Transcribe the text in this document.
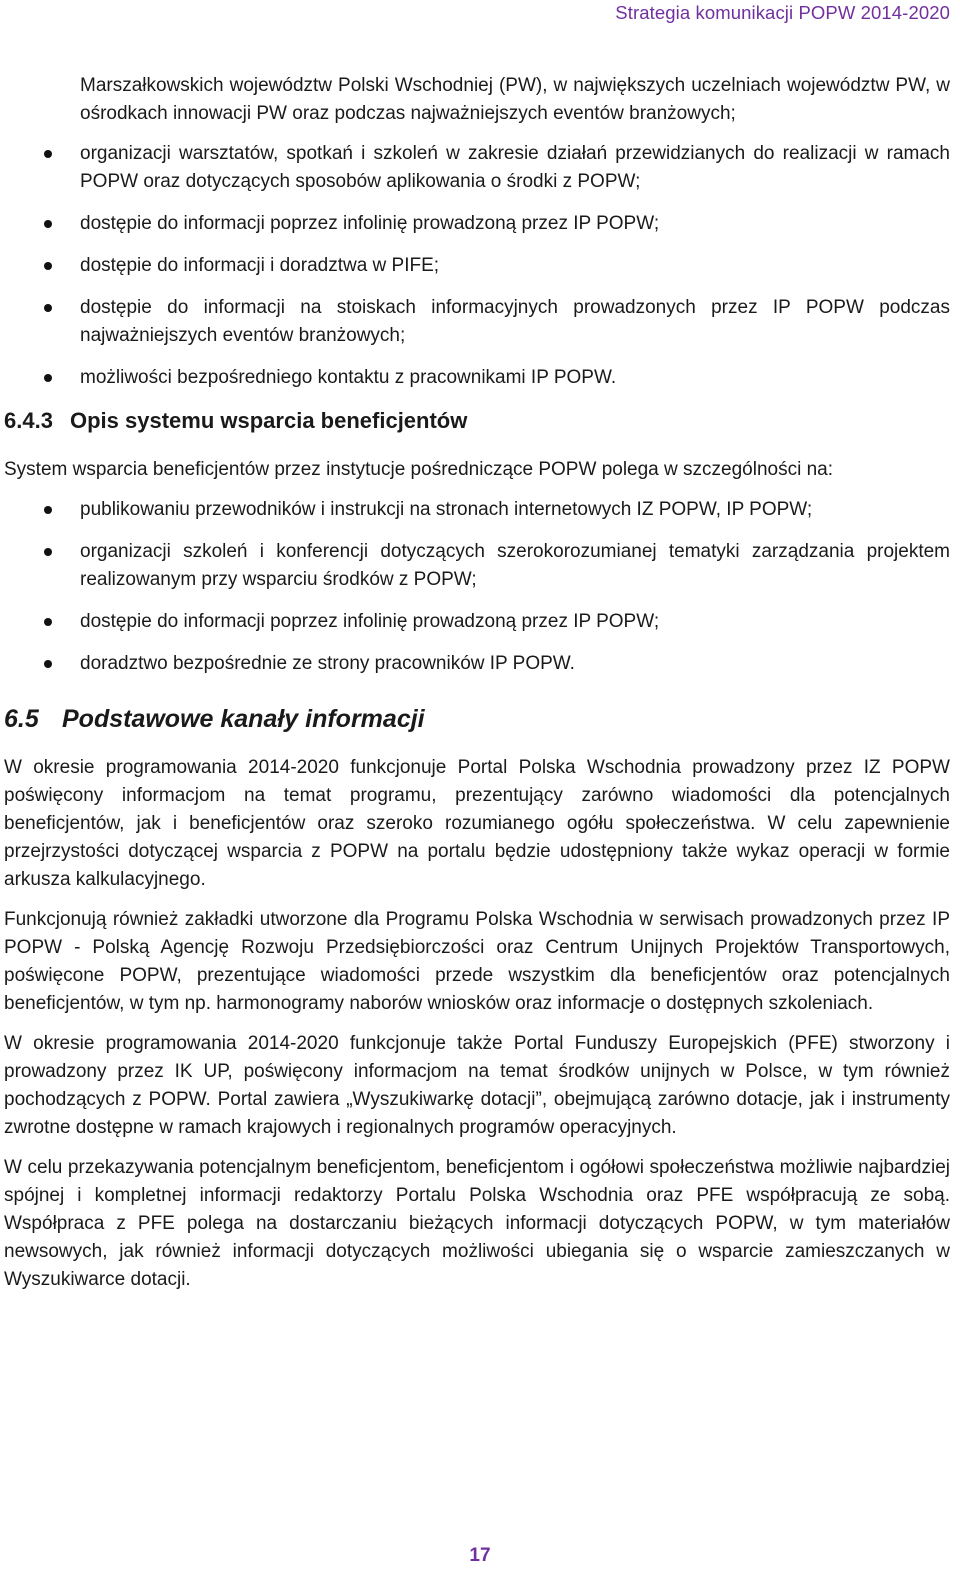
Strategia komunikacji POPW 2014-2020

Marszałkowskich województw Polski Wschodniej (PW), w największych uczelniach województw PW, w ośrodkach innowacji PW oraz podczas najważniejszych eventów branżowych;

organizacji warsztatów, spotkań i szkoleń w zakresie działań przewidzianych do realizacji w ramach POPW oraz dotyczących sposobów aplikowania o środki z POPW;
dostępie do informacji poprzez infolinię prowadzoną przez IP POPW;
dostępie do informacji i doradztwa w PIFE;
dostępie do informacji na stoiskach informacyjnych prowadzonych przez IP POPW podczas najważniejszych eventów branżowych;
możliwości bezpośredniego kontaktu z pracownikami IP POPW.
6.4.3 Opis systemu wsparcia beneficjentów

System wsparcia beneficjentów przez instytucje pośredniczące POPW polega w szczególności na:

publikowaniu przewodników i instrukcji na stronach internetowych IZ POPW, IP POPW;
organizacji szkoleń i konferencji dotyczących szerokorozumianej tematyki zarządzania projektem realizowanym przy wsparciu środków z POPW;
dostępie do informacji poprzez infolinię prowadzoną przez IP POPW;
doradztwo bezpośrednie ze strony pracowników IP POPW.
6.5 Podstawowe kanały informacji

W okresie programowania 2014-2020 funkcjonuje Portal Polska Wschodnia prowadzony przez IZ POPW poświęcony informacjom na temat programu, prezentujący zarówno wiadomości dla potencjalnych beneficjentów, jak i beneficjentów oraz szeroko rozumianego ogółu społeczeństwa. W celu zapewnienie przejrzystości dotyczącej wsparcia z POPW na portalu będzie udostępniony także wykaz operacji w formie arkusza kalkulacyjnego.

Funkcjonują również zakładki utworzone dla Programu Polska Wschodnia w serwisach prowadzonych przez IP POPW - Polską Agencję Rozwoju Przedsiębiorczości oraz Centrum Unijnych Projektów Transportowych, poświęcone POPW, prezentujące wiadomości przede wszystkim dla beneficjentów oraz potencjalnych beneficjentów, w tym np. harmonogramy naborów wniosków oraz informacje o dostępnych szkoleniach.

W okresie programowania 2014-2020 funkcjonuje także Portal Funduszy Europejskich (PFE) stworzony i prowadzony przez IK UP, poświęcony informacjom na temat środków unijnych w Polsce, w tym również pochodzących z POPW. Portal zawiera „Wyszukiwarkę dotacji”, obejmującą zarówno dotacje, jak i instrumenty zwrotne dostępne w ramach krajowych i regionalnych programów operacyjnych.

W celu przekazywania potencjalnym beneficjentom, beneficjentom i ogółowi społeczeństwa możliwie najbardziej spójnej i kompletnej informacji redaktorzy Portalu Polska Wschodnia oraz PFE współpracują ze sobą. Współpraca z PFE polega na dostarczaniu bieżących informacji dotyczących POPW, w tym materiałów newsowych, jak również informacji dotyczących możliwości ubiegania się o wsparcie zamieszczanych w Wyszukiwarce dotacji.

17
